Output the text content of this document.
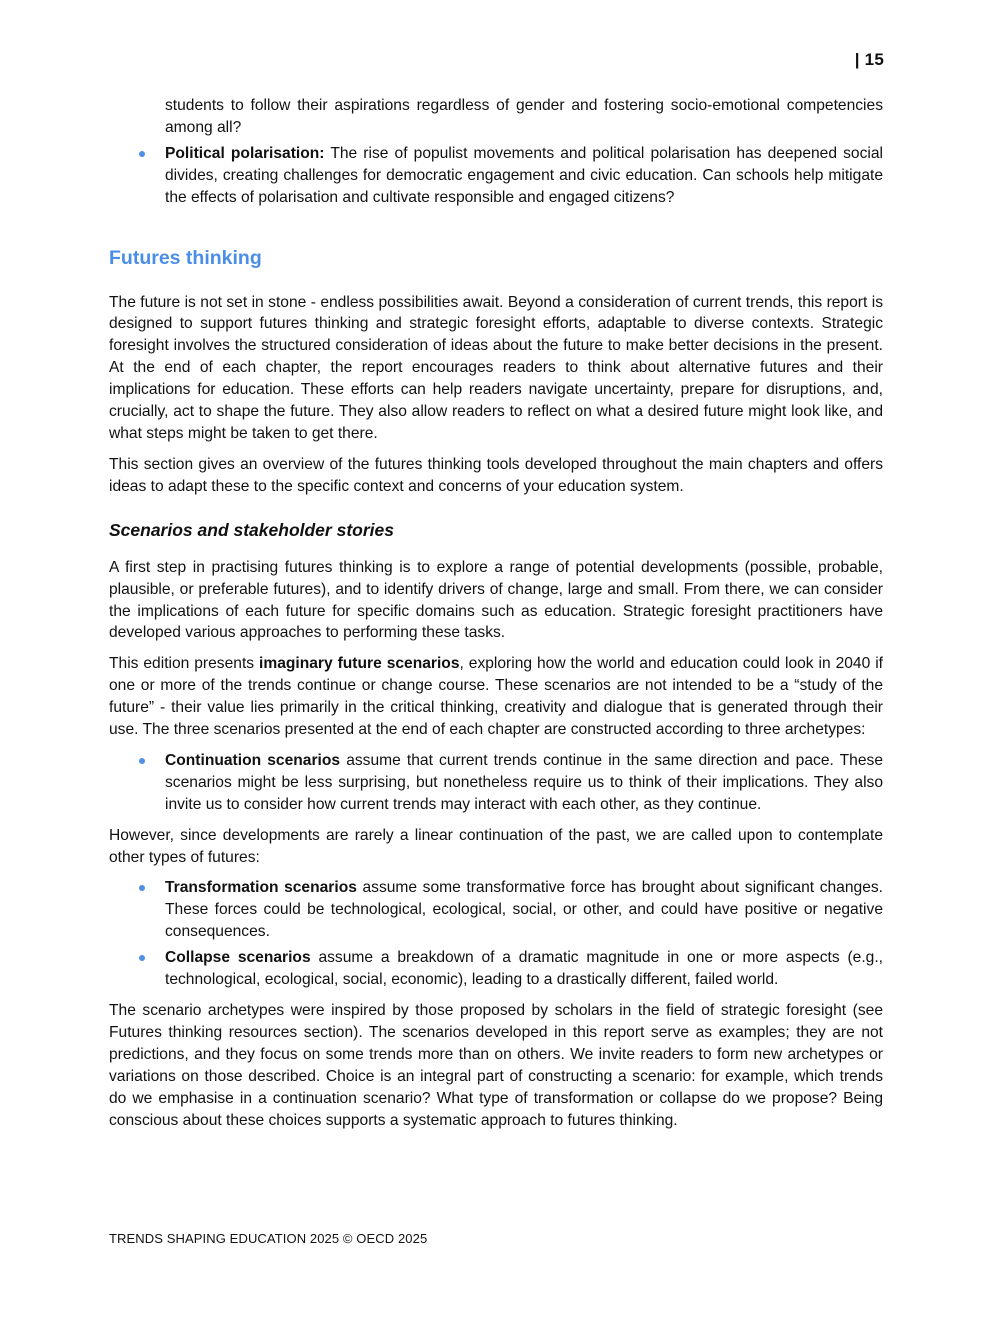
| 15

students to follow their aspirations regardless of gender and fostering socio-emotional competencies among all?

Political polarisation: The rise of populist movements and political polarisation has deepened social divides, creating challenges for democratic engagement and civic education. Can schools help mitigate the effects of polarisation and cultivate responsible and engaged citizens?
Futures thinking

The future is not set in stone - endless possibilities await. Beyond a consideration of current trends, this report is designed to support futures thinking and strategic foresight efforts, adaptable to diverse contexts. Strategic foresight involves the structured consideration of ideas about the future to make better decisions in the present. At the end of each chapter, the report encourages readers to think about alternative futures and their implications for education. These efforts can help readers navigate uncertainty, prepare for disruptions, and, crucially, act to shape the future. They also allow readers to reflect on what a desired future might look like, and what steps might be taken to get there.

This section gives an overview of the futures thinking tools developed throughout the main chapters and offers ideas to adapt these to the specific context and concerns of your education system.

Scenarios and stakeholder stories

A first step in practising futures thinking is to explore a range of potential developments (possible, probable, plausible, or preferable futures), and to identify drivers of change, large and small. From there, we can consider the implications of each future for specific domains such as education. Strategic foresight practitioners have developed various approaches to performing these tasks.

This edition presents imaginary future scenarios, exploring how the world and education could look in 2040 if one or more of the trends continue or change course. These scenarios are not intended to be a “study of the future” - their value lies primarily in the critical thinking, creativity and dialogue that is generated through their use. The three scenarios presented at the end of each chapter are constructed according to three archetypes:

Continuation scenarios assume that current trends continue in the same direction and pace. These scenarios might be less surprising, but nonetheless require us to think of their implications. They also invite us to consider how current trends may interact with each other, as they continue.

However, since developments are rarely a linear continuation of the past, we are called upon to contemplate other types of futures:

Transformation scenarios assume some transformative force has brought about significant changes. These forces could be technological, ecological, social, or other, and could have positive or negative consequences.
Collapse scenarios assume a breakdown of a dramatic magnitude in one or more aspects (e.g., technological, ecological, social, economic), leading to a drastically different, failed world.

The scenario archetypes were inspired by those proposed by scholars in the field of strategic foresight (see Futures thinking resources section). The scenarios developed in this report serve as examples; they are not predictions, and they focus on some trends more than on others. We invite readers to form new archetypes or variations on those described. Choice is an integral part of constructing a scenario: for example, which trends do we emphasise in a continuation scenario? What type of transformation or collapse do we propose? Being conscious about these choices supports a systematic approach to futures thinking.

TRENDS SHAPING EDUCATION 2025 © OECD 2025
